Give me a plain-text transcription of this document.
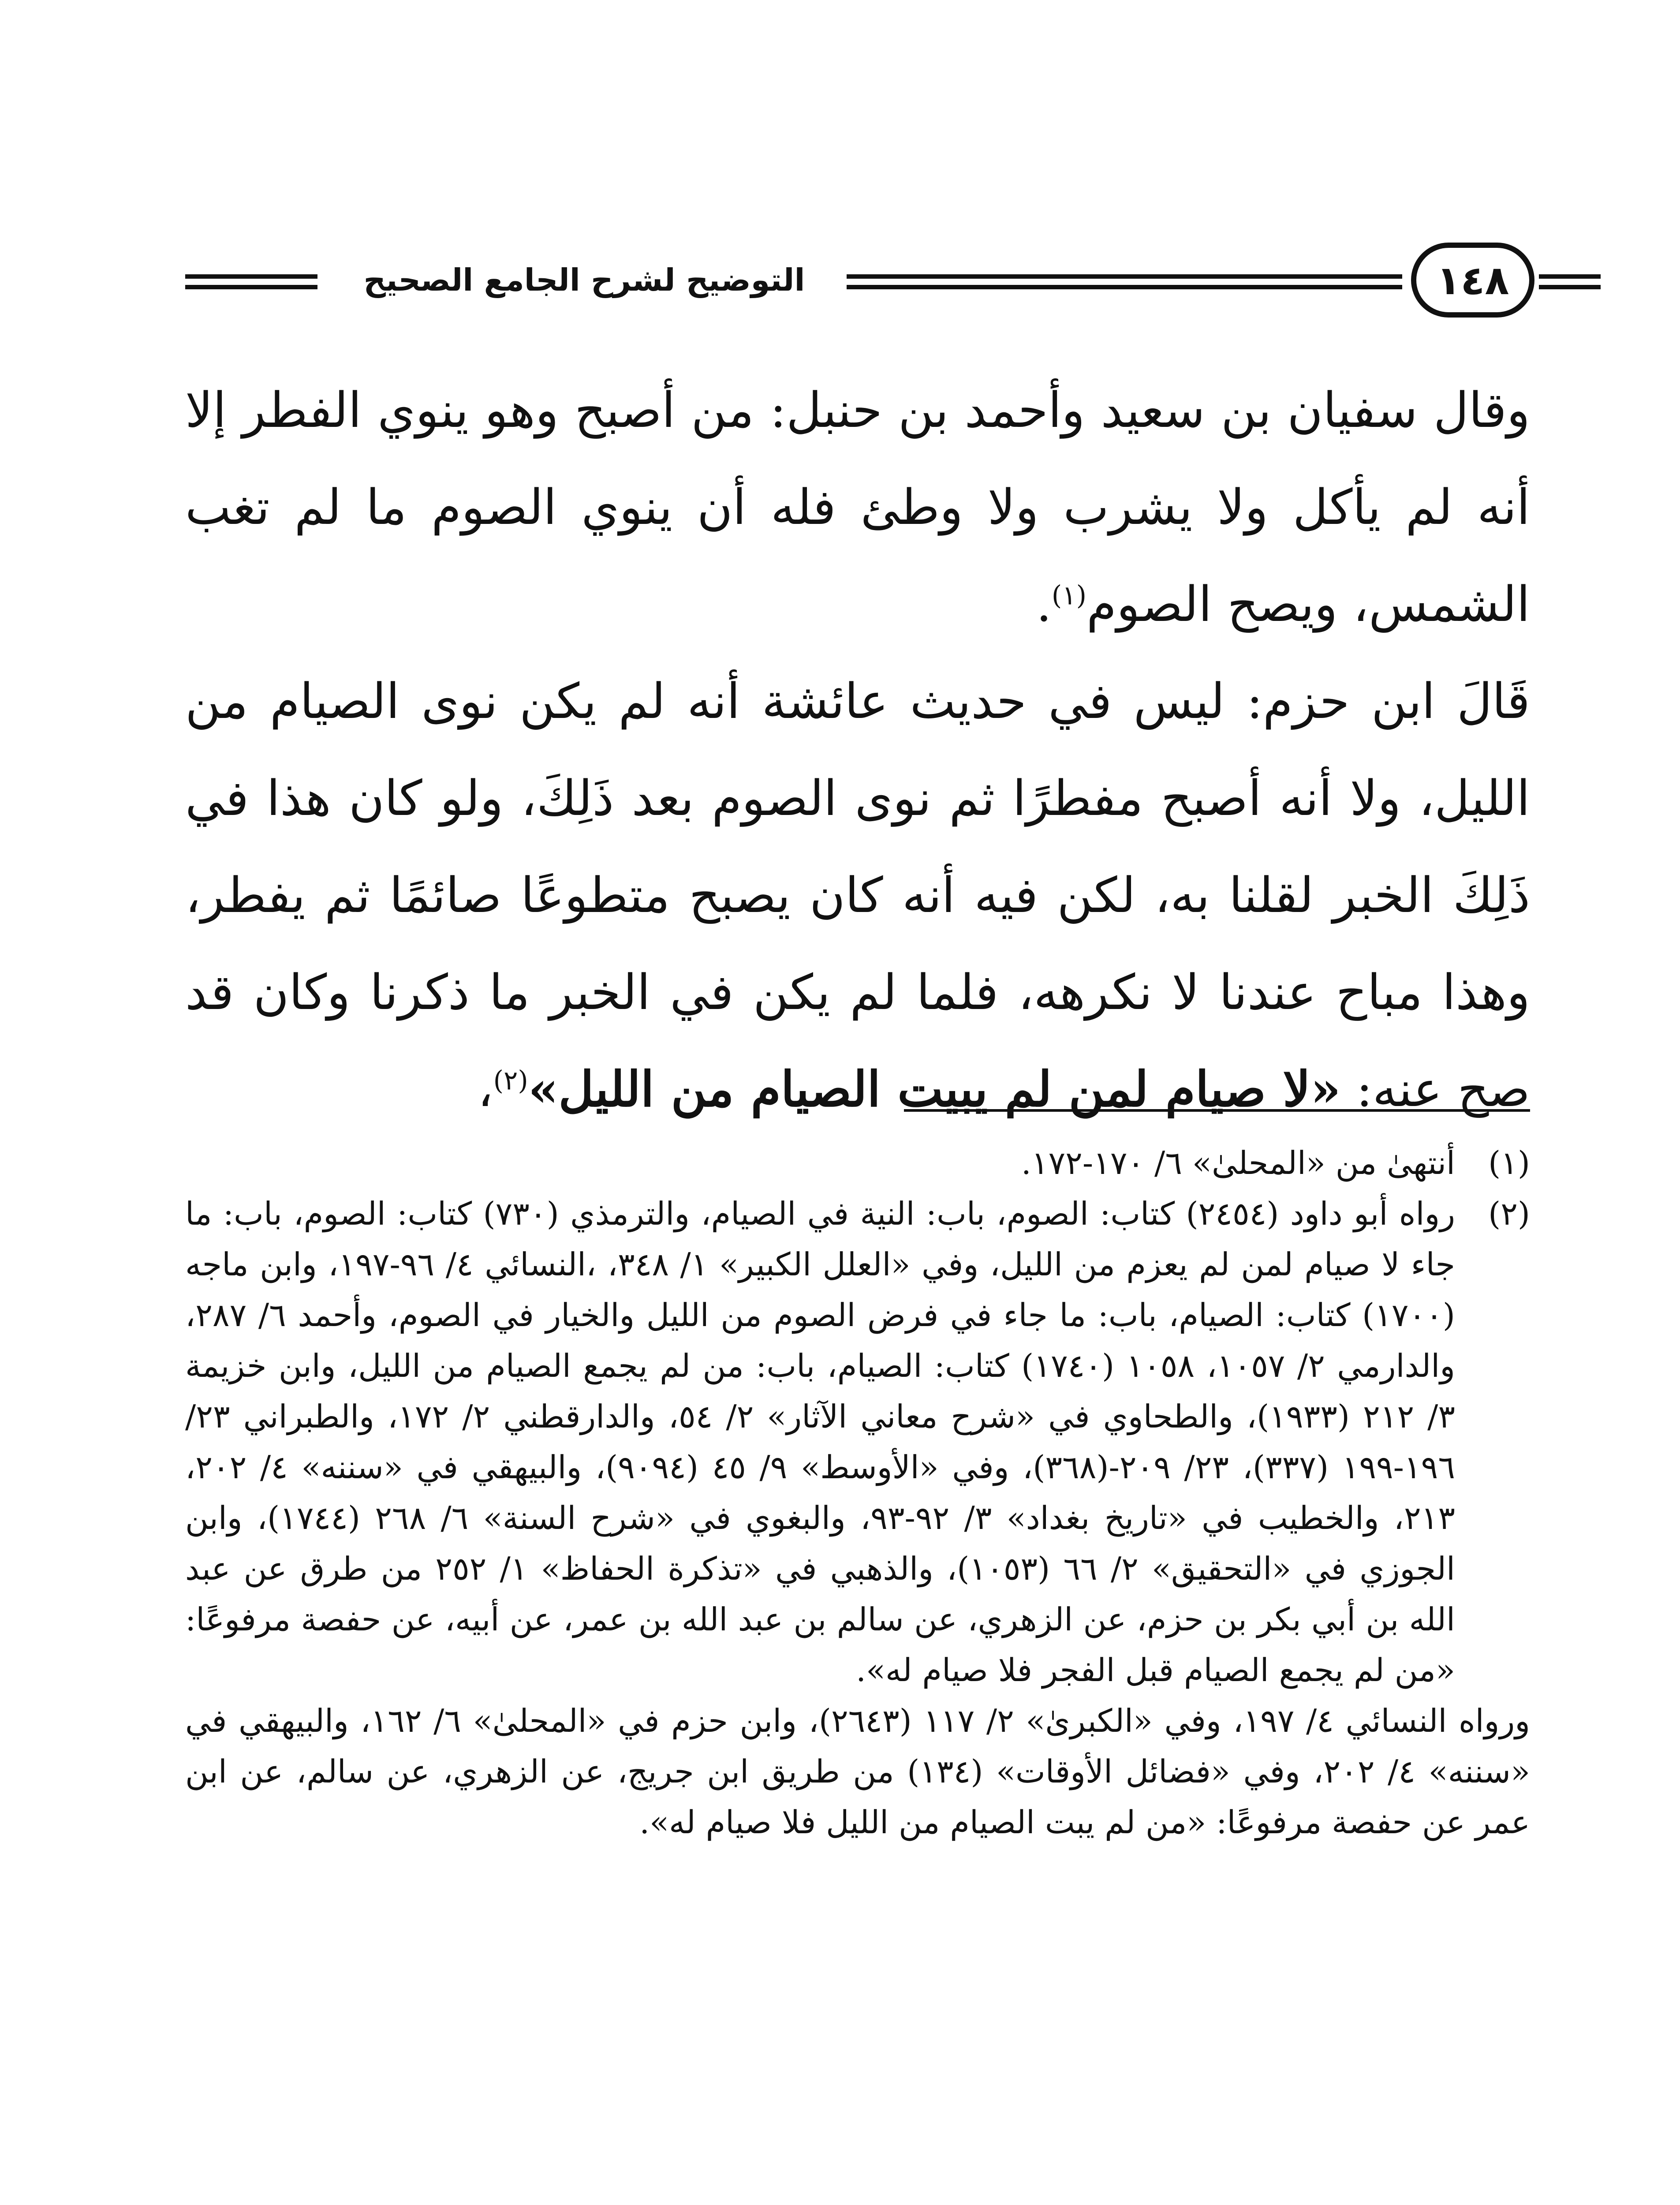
التوضيح لشرح الجامع الصحيح	١٤٨

وقال سفيان بن سعيد وأحمد بن حنبل: من أصبح وهو ينوي الفطر إلا أنه لم يأكل ولا يشرب ولا وطئ فله أن ينوي الصوم ما لم تغب الشمس، ويصح الصوم$^{(١)}$.

قَالَ ابن حزم: ليس في حديث عائشة أنه لم يكن نوى الصيام من الليل، ولا أنه أصبح مفطرًا ثم نوى الصوم بعد ذَلِكَ، ولو كان هذا في ذَلِكَ الخبر لقلنا به، لكن فيه أنه كان يصبح متطوعًا صائمًا ثم يفطر، وهذا مباح عندنا لا نكرهه، فلما لم يكن في الخبر ما ذكرنا وكان قد صح عنه: «لا صيام لمن لم يبيت الصيام من الليل»$^{(٢)}$،

(١)

أنتهىٰ من «المحلىٰ» ٦/ ١٧٠-١٧٢.

(٢)

رواه أبو داود (٢٤٥٤) كتاب: الصوم، باب: النية في الصيام، والترمذي (٧٣٠) كتاب: الصوم، باب: ما جاء لا صيام لمن لم يعزم من الليل، وفي «العلل الكبير» ١/ ٣٤٨، ،النسائي ٤/ ٩٦-١٩٧، وابن ماجه (١٧٠٠) كتاب: الصيام، باب: ما جاء في فرض الصوم من الليل والخيار في الصوم، وأحمد ٦/ ٢٨٧، والدارمي ٢/ ١٠٥٧، ١٠٥٨ (١٧٤٠) كتاب: الصيام، باب: من لم يجمع الصيام من الليل، وابن خزيمة ٣/ ٢١٢ (١٩٣٣)، والطحاوي في «شرح معاني الآثار» ٢/ ٥٤، والدارقطني ٢/ ١٧٢، والطبراني ٢٣/ ١٩٦-١٩٩ (٣٣٧)، ٢٣/ ٢٠٩-(٣٦٨)، وفي «الأوسط» ٩/ ٤٥ (٩٠٩٤)، والبيهقي في «سننه» ٤/ ٢٠٢، ٢١٣، والخطيب في «تاريخ بغداد» ٣/ ٩٢-٩٣، والبغوي في «شرح السنة» ٦/ ٢٦٨ (١٧٤٤)، وابن الجوزي في «التحقيق» ٢/ ٦٦ (١٠٥٣)، والذهبي في «تذكرة الحفاظ» ١/ ٢٥٢ من طرق عن عبد الله بن أبي بكر بن حزم، عن الزهري، عن سالم بن عبد الله بن عمر، عن أبيه، عن حفصة مرفوعًا: «من لم يجمع الصيام قبل الفجر فلا صيام له».

ورواه النسائي ٤/ ١٩٧، وفي «الكبرىٰ» ٢/ ١١٧ (٢٦٤٣)، وابن حزم في «المحلىٰ» ٦/ ١٦٢، والبيهقي في «سننه» ٤/ ٢٠٢، وفي «فضائل الأوقات» (١٣٤) من طريق ابن جريج، عن الزهري، عن سالم، عن ابن عمر عن حفصة مرفوعًا: «من لم يبت الصيام من الليل فلا صيام له».
